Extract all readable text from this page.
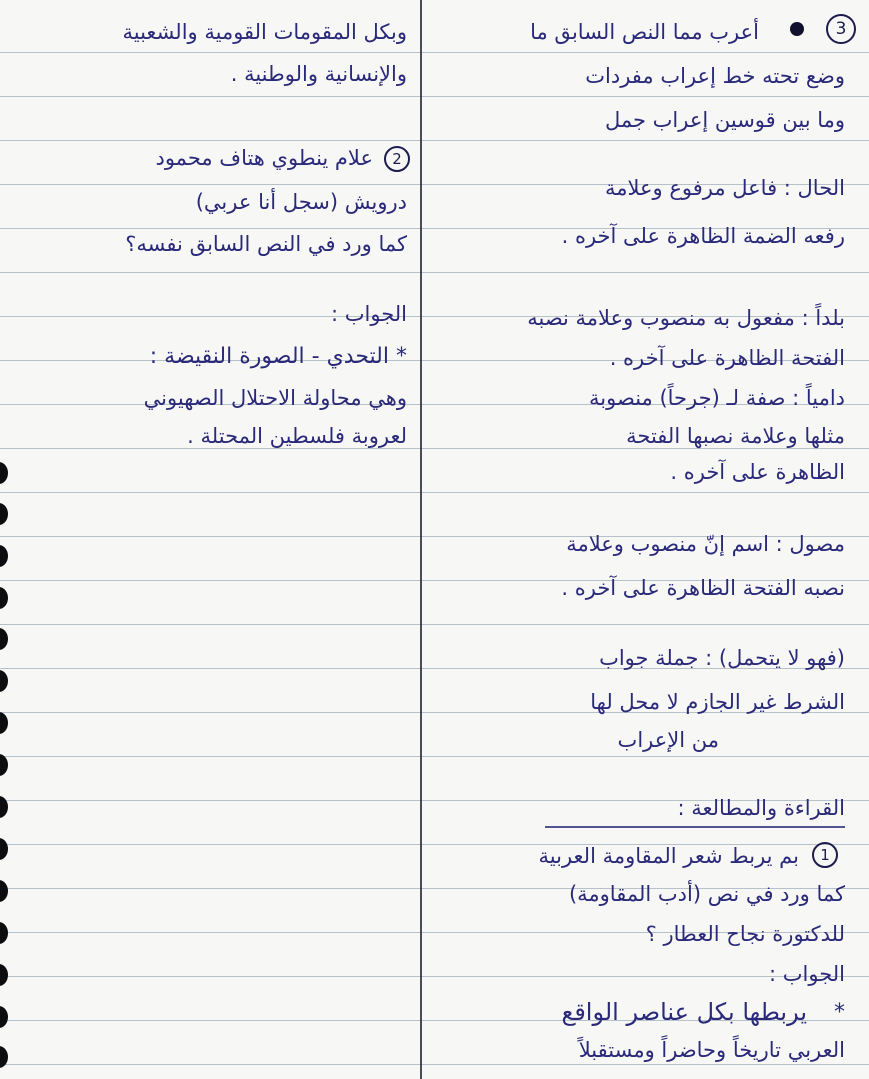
3

أعرب مما النص السابق ما

وضع تحته خط إعراب مفردات

وما بين قوسين إعراب جمل

الحال : فاعل مرفوع وعلامة

رفعه الضمة الظاهرة على آخره .

بلداً : مفعول به منصوب وعلامة نصبه

الفتحة الظاهرة على آخره .

دامياً : صفة لـ (جرحاً) منصوبة

مثلها وعلامة نصبها الفتحة

الظاهرة على آخره .

مصول : اسم إنّ منصوب وعلامة

نصبه الفتحة الظاهرة على آخره .

(فهو لا يتحمل) : جملة جواب

الشرط غير الجازم لا محل لها

من الإعراب

القراءة والمطالعة :

1

بم يربط شعر المقاومة العربية

كما ورد في نص (أدب المقاومة)

للدكتورة نجاح العطار ؟

الجواب :

*

يربطها بكل عناصر الواقع

العربي تاريخاً وحاضراً ومستقبلاً

وبكل المقومات القومية والشعبية

والإنسانية والوطنية .

2

علام ينطوي هتاف محمود

درويش (سجل أنا عربي)

كما ورد في النص السابق نفسه؟

الجواب :

* التحدي - الصورة النقيضة :

وهي محاولة الاحتلال الصهيوني

لعروبة فلسطين المحتلة .
